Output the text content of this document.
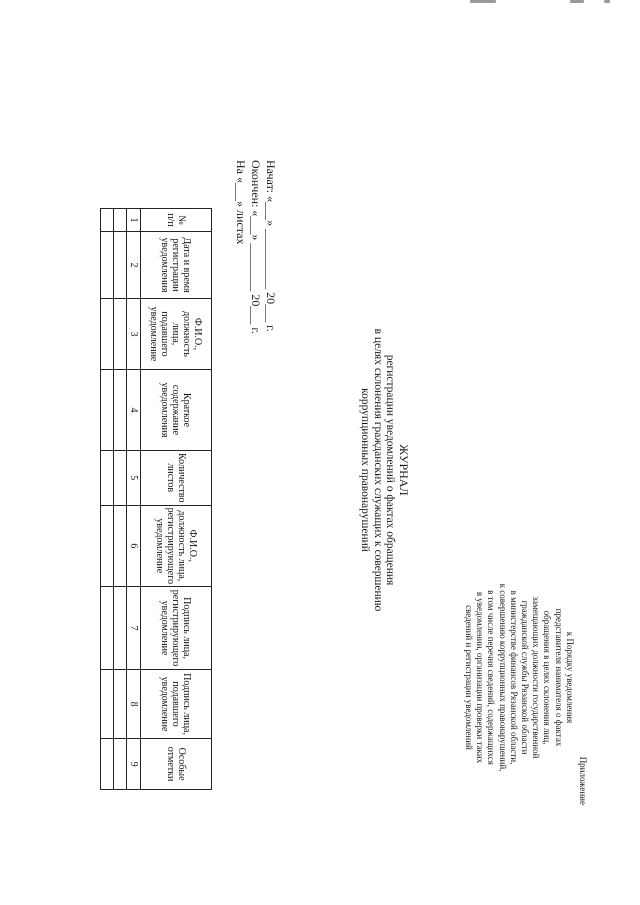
Приложение
к Порядку уведомления
представителя нанимателя о фактах
обращения в целях склонения лиц,
замещающих должности государственной
гражданской службы Рязанской области
в министерстве финансов Рязанской области,
к совершению коррупционных правонарушений,
в том числе перечня сведений, содержащихся
в уведомлении, организации проверки таких
сведений и регистрации уведомлений
ЖУРНАЛ
регистрации уведомлений о фактах обращения
в целях склонения гражданских служащих к совершению
коррупционных правонарушений
Начат: «___» __________ 20___ г.
Окончен: «___» ________ 20___ г.
На «___» листах
№ п/п	Дата и время регистрации уведомления	Ф.И.О., должность лица, подавшего уведомление	Краткое содержание уведомления	Количество листов	Ф.И.О., должность лица, регистрирующего уведомление	Подпись лица, регистрирующего уведомление	Подпись лица, подавшего уведомление	Особые отметки
1	2	3	4	5	6	7	8	9
